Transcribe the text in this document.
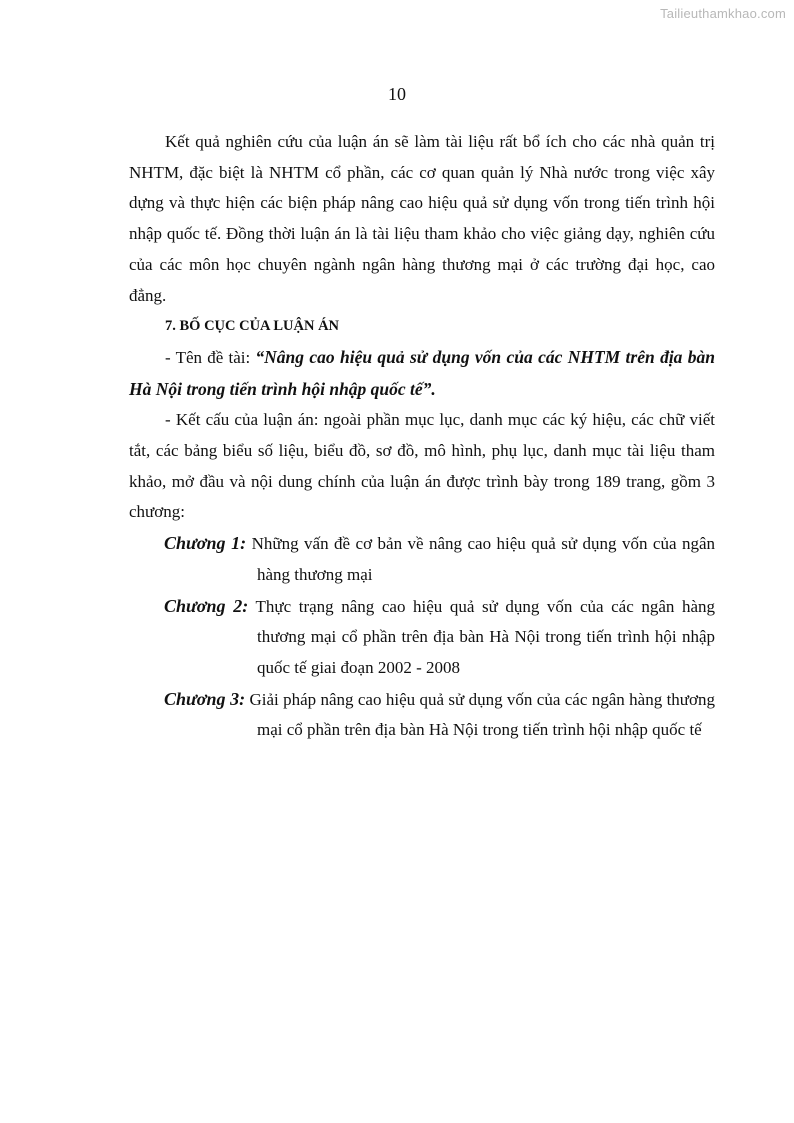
Tailieuthamkhao.com
10

Kết quả nghiên cứu của luận án sẽ làm tài liệu rất bổ ích cho các nhà quản trị NHTM, đặc biệt là NHTM cổ phần, các cơ quan quản lý Nhà nước trong việc xây dựng và thực hiện các biện pháp nâng cao hiệu quả sử dụng vốn trong tiến trình hội nhập quốc tế. Đồng thời luận án là tài liệu tham khảo cho việc giảng dạy, nghiên cứu của các môn học chuyên ngành ngân hàng thương mại ở các trường đại học, cao đẳng.

7. BỐ CỤC CỦA LUẬN ÁN

- Tên đề tài: “Nâng cao hiệu quả sử dụng vốn của các NHTM trên địa bàn Hà Nội trong tiến trình hội nhập quốc tế”.

- Kết cấu của luận án: ngoài phần mục lục, danh mục các ký hiệu, các chữ viết tắt, các bảng biểu số liệu, biểu đồ, sơ đồ, mô hình, phụ lục, danh mục tài liệu tham khảo, mở đầu và nội dung chính của luận án được trình bày trong 189 trang, gồm 3 chương:

Chương 1: Những vấn đề cơ bản về nâng cao hiệu quả sử dụng vốn của ngân hàng thương mại

Chương 2: Thực trạng nâng cao hiệu quả sử dụng vốn của các ngân hàng thương mại cổ phần trên địa bàn Hà Nội trong tiến trình hội nhập quốc tế giai đoạn 2002 - 2008

Chương 3: Giải pháp nâng cao hiệu quả sử dụng vốn của các ngân hàng thương mại cổ phần trên địa bàn Hà Nội trong tiến trình hội nhập quốc tế
